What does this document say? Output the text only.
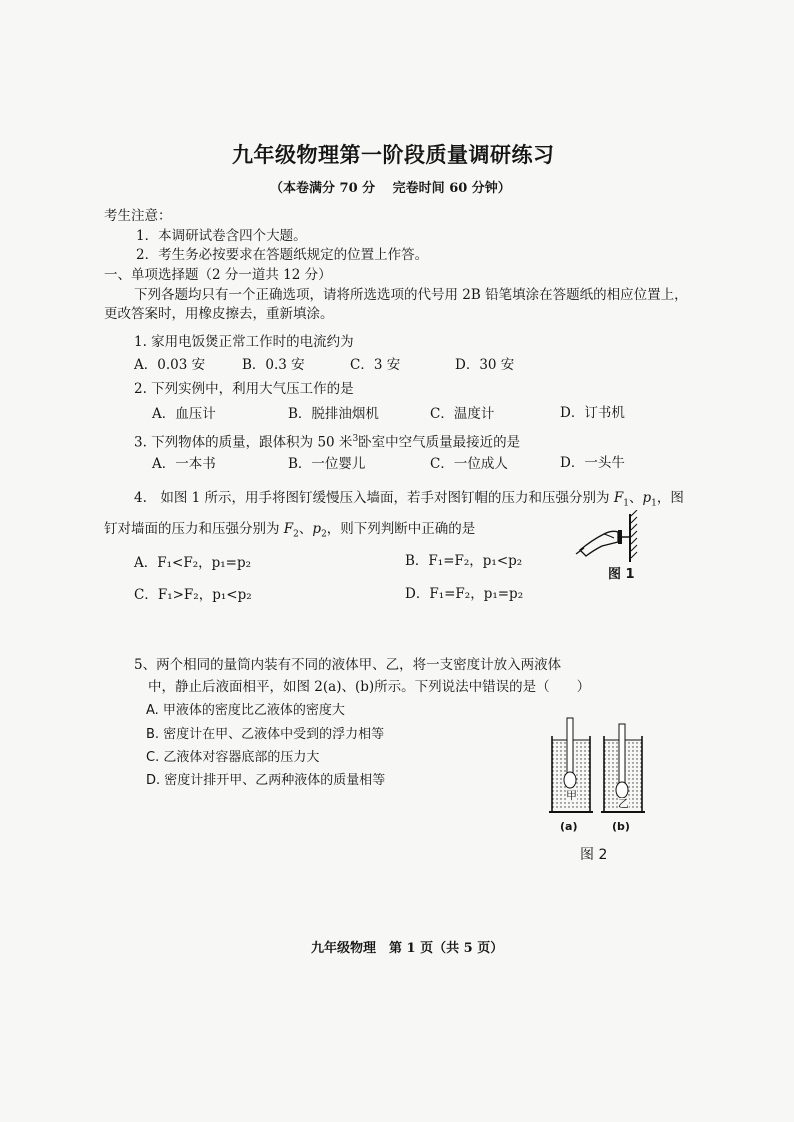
九年级物理第一阶段质量调研练习
（本卷满分 70 分　 完卷时间 60 分钟）
考生注意：
1．本调研试卷含四个大题。
2．考生务必按要求在答题纸规定的位置上作答。
一、单项选择题（2 分一道共 12 分）
下列各题均只有一个正确选项，请将所选选项的代号用 2B 铅笔填涂在答题纸的相应位置上，
更改答案时，用橡皮擦去，重新填涂。
1. 家用电饭煲正常工作时的电流约为
A．0.03 安	B．0.3 安	C．3 安	D．30 安
2. 下列实例中，利用大气压工作的是
A．血压计	B．脱排油烟机	C．温度计	D．订书机
3. 下列物体的质量，跟体积为 50 米$^3$卧室中空气质量最接近的是
A．一本书	B．一位婴儿	C．一位成人	D．一头牛
4.　如图 1 所示，用手将图钉缓慢压入墙面，若手对图钉帽的压力和压强分别为 $F_1$、$p_1$，图
钉对墙面的压力和压强分别为 $F_2$、$p_2$，则下列判断中正确的是
A．F₁<F₂，p₁=p₂	B．F₁=F₂，p₁<p₂
C．F₁>F₂，p₁<p₂	D．F₁=F₂，p₁=p₂
图 1
5、两个相同的量筒内装有不同的液体甲、乙，将一支密度计放入两液体
中，静止后液面相平，如图 2(a)、(b)所示。下列说法中错误的是（　　）
A. 甲液体的密度比乙液体的密度大
B. 密度计在甲、乙液体中受到的浮力相等
C. 乙液体对容器底部的压力大
D. 密度计排开甲、乙两种液体的质量相等
甲
(a)
乙
(b)
图 2
九年级物理　第 1 页（共 5 页）
